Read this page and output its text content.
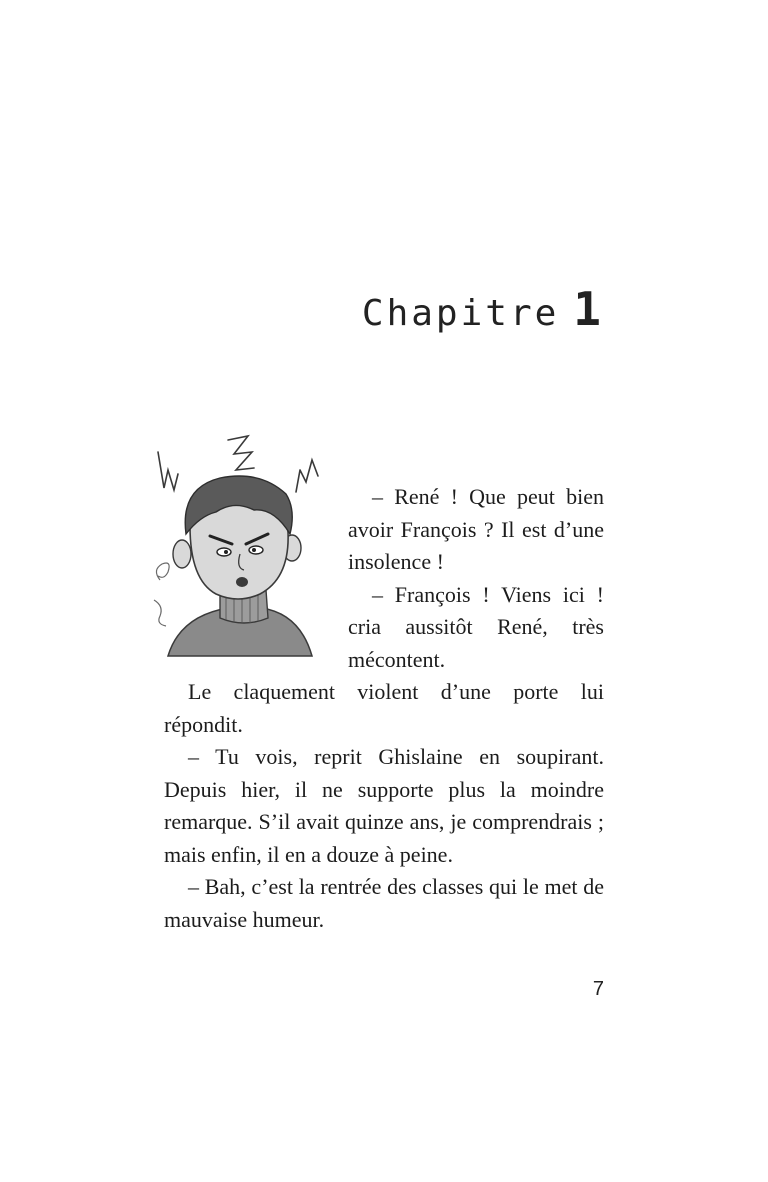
Chapitre 1

– René ! Que peut bien avoir François ? Il est d’une insolence !

– François ! Viens ici ! cria aussitôt René, très mécontent.

Le claquement violent d’une porte lui répondit.

– Tu vois, reprit Ghislaine en soupirant. Depuis hier, il ne supporte plus la moindre remarque. S’il avait quinze ans, je comprendrais ; mais enfin, il en a douze à peine.

– Bah, c’est la rentrée des classes qui le met de mauvaise humeur.

7
